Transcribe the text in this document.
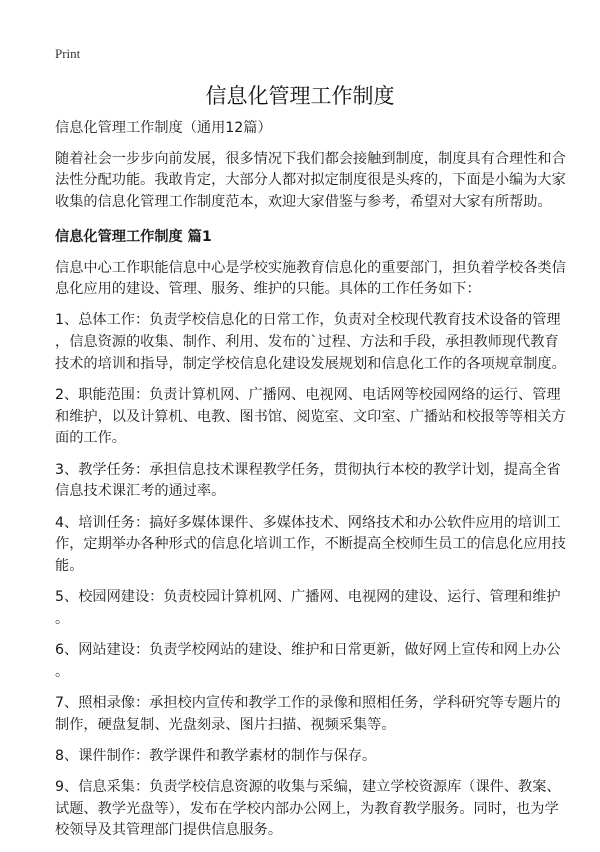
Print
信息化管理工作制度
信息化管理工作制度（通用12篇）
随着社会一步步向前发展，很多情况下我们都会接触到制度，制度具有合理性和合
法性分配功能。我敢肯定，大部分人都对拟定制度很是头疼的，下面是小编为大家
收集的信息化管理工作制度范本，欢迎大家借鉴与参考，希望对大家有所帮助。
信息化管理工作制度 篇1
信息中心工作职能信息中心是学校实施教育信息化的重要部门，担负着学校各类信
息化应用的建设、管理、服务、维护的只能。具体的工作任务如下：
1、总体工作：负责学校信息化的日常工作，负责对全校现代教育技术设备的管理
，信息资源的收集、制作、利用、发布的`过程、方法和手段，承担教师现代教育
技术的培训和指导，制定学校信息化建设发展规划和信息化工作的各项规章制度。
2、职能范围：负责计算机网、广播网、电视网、电话网等校园网络的运行、管理
和维护，以及计算机、电教、图书馆、阅览室、文印室、广播站和校报等等相关方
面的工作。
3、教学任务：承担信息技术课程教学任务，贯彻执行本校的教学计划，提高全省
信息技术课汇考的通过率。
4、培训任务：搞好多媒体课件、多媒体技术、网络技术和办公软件应用的培训工
作，定期举办各种形式的信息化培训工作，不断提高全校师生员工的信息化应用技
能。
5、校园网建设：负责校园计算机网、广播网、电视网的建设、运行、管理和维护
。
6、网站建设：负责学校网站的建设、维护和日常更新，做好网上宣传和网上办公
。
7、照相录像：承担校内宣传和教学工作的录像和照相任务，学科研究等专题片的
制作，硬盘复制、光盘刻录、图片扫描、视频采集等。
8、课件制作：教学课件和教学素材的制作与保存。
9、信息采集：负责学校信息资源的收集与采编，建立学校资源库（课件、教案、
试题、教学光盘等），发布在学校内部办公网上，为教育教学服务。同时，也为学
校领导及其管理部门提供信息服务。
